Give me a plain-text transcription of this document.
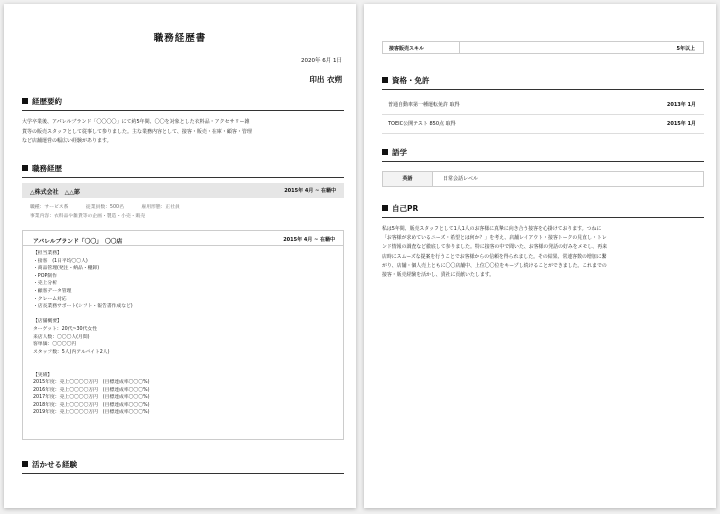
職務経歴書
2020年 6月 1日
印出 衣朔
経歴要約
大学卒業後、アパレルブランド「〇〇〇〇」にて約5年間、〇〇を対象とした衣料品・アクセサリー雑
貨等の販売スタッフとして従事して参りました。主な業務内容として、接客・販売・在庫・顧客・管理
など店舗運営の幅広い経験があります。
職務経歴
△株式会社　△△部	2015年 4月 ~ 在籍中
職種：サービス系	従業員数：500名	雇用形態：正社員
事業内容：衣料品や雑貨等の企画・製造・小売・販売
アパレルブランド「〇〇」　〇〇店	2015年 4月 ~ 在籍中
【担当業務】
・接客　(1日平均〇〇人)
・商品管理(発注・納品・棚卸)
・POP制作
・売上分析
・顧客データ管理
・クレーム対応
・店長業務サポート(シフト・報告書作成など)
【店舗概要】
ターゲット：20代~30代女性
来店人数：〇〇〇人(月間)
客単価：〇〇〇〇円
スタッフ数：5人(内アルバイト2人)
【実績】
2015年度：売上〇〇〇〇万円　(目標達成率〇〇〇%)
2016年度：売上〇〇〇〇万円　(目標達成率〇〇〇%)
2017年度：売上〇〇〇〇万円　(目標達成率〇〇〇%)
2018年度：売上〇〇〇〇万円　(目標達成率〇〇〇%)
2019年度：売上〇〇〇〇万円　(目標達成率〇〇〇%)
活かせる経験
接客販売スキル	5年以上
資格・免許
普通自動車第一種運転免許 取得	2013年 1月
TOEIC公開テスト 850点 取得	2015年 1月
語学
英語	日常会話レベル
自己PR
私は5年間、販売スタッフとして1人1人のお客様に真摯に向き合う接客を心掛けております。つねに
「お客様が求めているニーズ・希望とは何か？」を考え、店舗レイアウト・接客トークの見直し・トレ
ンド情報の調査など徹底して参りました。特に接客の中で聞いた、お客様の発話の好みをメモし、再来
店時にスムーズな提案を行うことでお客様からの信頼を得られました。その結果、常連客数の増加に繋
がり、店舗・個人売上ともに〇〇店舗中、上位〇〇位をキープし続けることができました。これまでの
接客・販売経験を活かし、貴社に貢献いたします。
